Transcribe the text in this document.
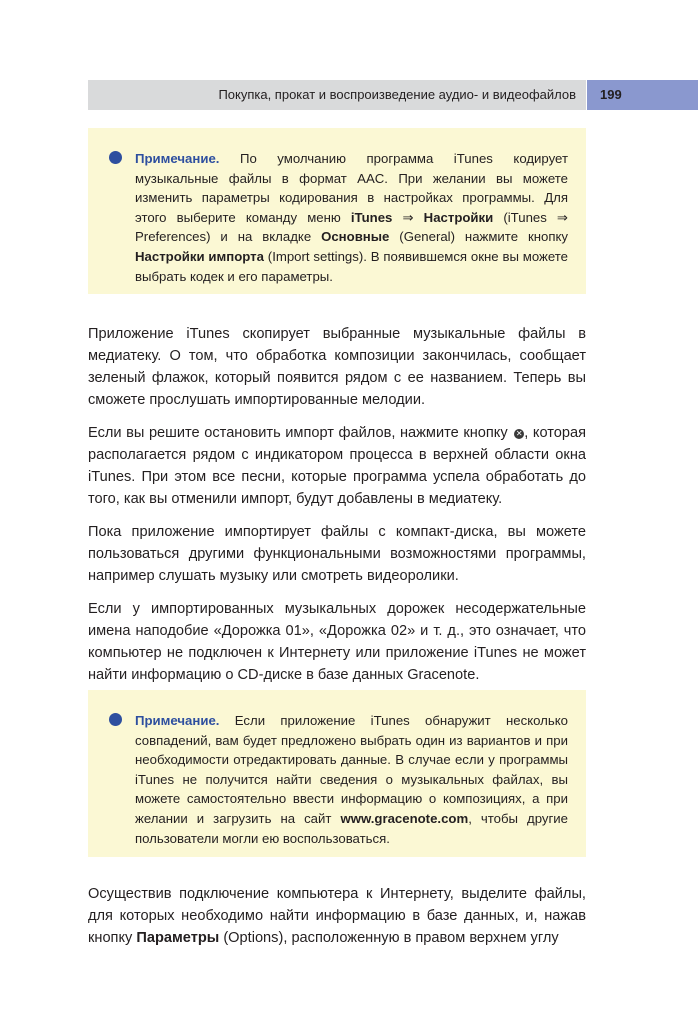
Покупка, прокат и воспроизведение аудио- и видеофайлов 199

Примечание. По умолчанию программа iTunes кодирует музыкальные файлы в формат AAC. При желании вы можете изменить параметры кодирования в настройках программы. Для этого выберите команду меню iTunes ⇒ Настройки (iTunes ⇒ Preferences) и на вкладке Основные (General) нажмите кнопку Настройки импорта (Import settings). В появившемся окне вы можете выбрать кодек и его параметры.

Приложение iTunes скопирует выбранные музыкальные файлы в медиатеку. О том, что обработка композиции закончилась, сообщает зеленый флажок, который появится рядом с ее названием. Теперь вы сможете прослушать импортированные мелодии.

Если вы решите остановить импорт файлов, нажмите кнопку ✕ , которая располагается рядом с индикатором процесса в верхней области окна iTunes. При этом все песни, которые программа успела обработать до того, как вы отменили импорт, будут добавлены в медиатеку.

Пока приложение импортирует файлы с компакт-диска, вы можете пользоваться другими функциональными возможностями программы, например слушать музыку или смотреть видеоролики.

Если у импортированных музыкальных дорожек несодержательные имена наподобие «Дорожка 01», «Дорожка 02» и т. д., это означает, что компьютер не подключен к Интернету или приложение iTunes не может найти информацию о CD-диске в базе данных Gracenote.

Примечание. Если приложение iTunes обнаружит несколько совпадений, вам будет предложено выбрать один из вариантов и при необходимости отредактировать данные. В случае если у программы iTunes не получится найти сведения о музыкальных файлах, вы можете самостоятельно ввести информацию о композициях, а при желании и загрузить на сайт www.gracenote.com, чтобы другие пользователи могли ею воспользоваться.

Осуществив подключение компьютера к Интернету, выделите файлы, для которых необходимо найти информацию в базе данных, и, нажав кнопку Параметры (Options), расположенную в правом верхнем углу
